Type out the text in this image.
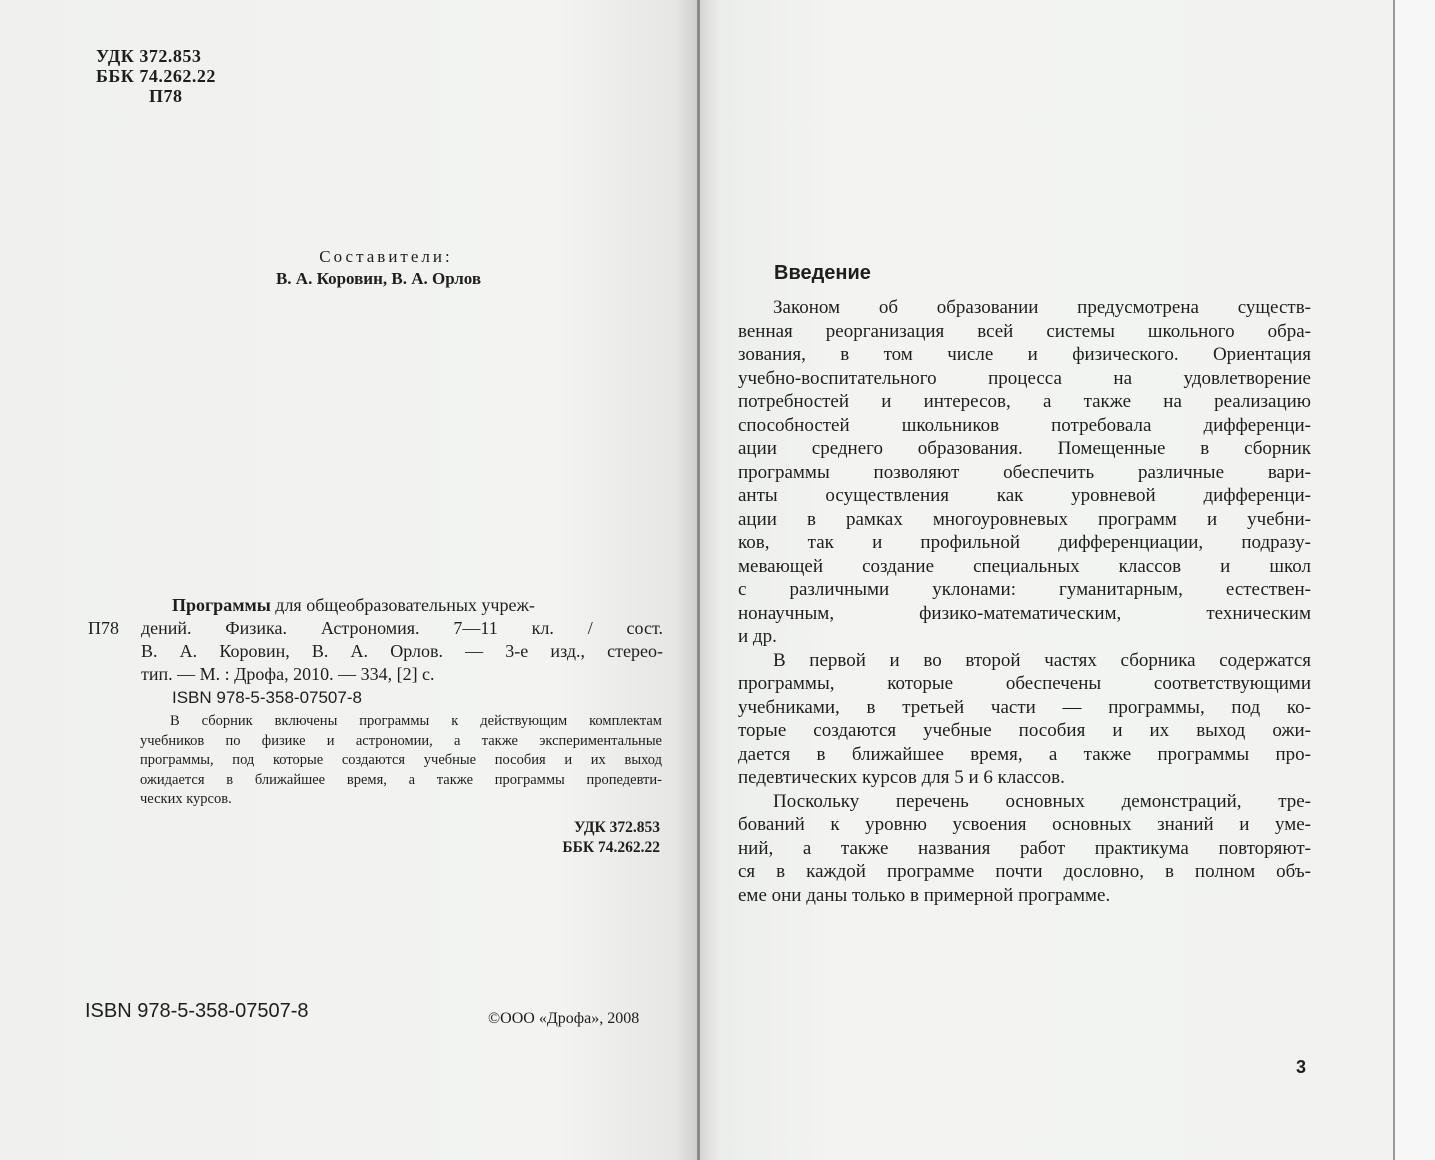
УДК 372.853
ББК 74.262.22
П78
Составители:
В. А. Коровин, В. А. Орлов
Программы для общеобразовательных учреж-
П78	дений. Физика. Астрономия. 7—11 кл. / сост.
В. А. Коровин, В. А. Орлов. — 3-е изд., стерео-
тип. — М. : Дрофа, 2010. — 334, [2] с.
ISBN 978-5-358-07507-8
В сборник включены программы к действующим комплектам
учебников по физике и астрономии, а также экспериментальные
программы, под которые создаются учебные пособия и их выход
ожидается в ближайшее время, а также программы пропедевти-
ческих курсов.
УДК 372.853
ББК 74.262.22
ISBN 978-5-358-07507-8	©ООО «Дрофа», 2008
Введение
Законом об образовании предусмотрена существ-
венная реорганизация всей системы школьного обра-
зования, в том числе и физического. Ориентация
учебно-воспитательного процесса на удовлетворение
потребностей и интересов, а также на реализацию
способностей школьников потребовала дифференци-
ации среднего образования. Помещенные в сборник
программы позволяют обеспечить различные вари-
анты осуществления как уровневой дифференци-
ации в рамках многоуровневых программ и учебни-
ков, так и профильной дифференциации, подразу-
мевающей создание специальных классов и школ
с различными уклонами: гуманитарным, естествен-
нонаучным, физико-математическим, техническим
и др.
В первой и во второй частях сборника содержатся
программы, которые обеспечены соответствующими
учебниками, в третьей части — программы, под ко-
торые создаются учебные пособия и их выход ожи-
дается в ближайшее время, а также программы про-
педевтических курсов для 5 и 6 классов.
Поскольку перечень основных демонстраций, тре-
бований к уровню усвоения основных знаний и уме-
ний, а также названия работ практикума повторяют-
ся в каждой программе почти дословно, в полном объ-
еме они даны только в примерной программе.
3
